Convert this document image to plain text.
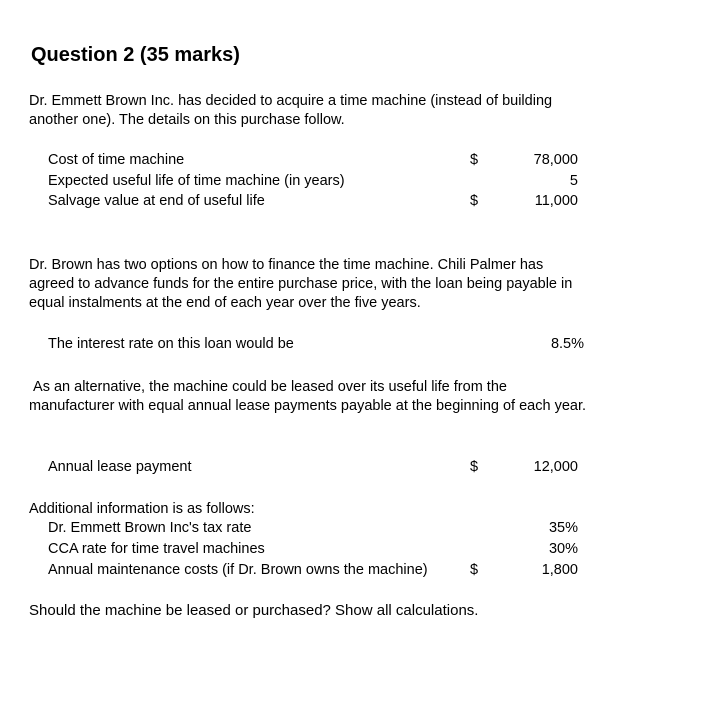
Question 2 (35 marks)
Dr. Emmett Brown Inc. has decided to acquire a time machine (instead of building another one). The details on this purchase follow.
Cost of time machine	$	78,000
Expected useful life of time machine (in years)	5
Salvage value at end of useful life	$	11,000
Dr. Brown has two options on how to finance the time machine. Chili Palmer has agreed to advance funds for the entire purchase price, with the loan being payable in equal instalments at the end of each year over the five years.
The interest rate on this loan would be	8.5%
As an alternative, the machine could be leased over its useful life from the manufacturer with equal annual lease payments payable at the beginning of each year.
Annual lease payment	$	12,000
Additional information is as follows:
Dr. Emmett Brown Inc's tax rate	35%
CCA rate for time travel machines	30%
Annual maintenance costs (if Dr. Brown owns the machine)	$	1,800
Should the machine be leased or purchased? Show all calculations.
